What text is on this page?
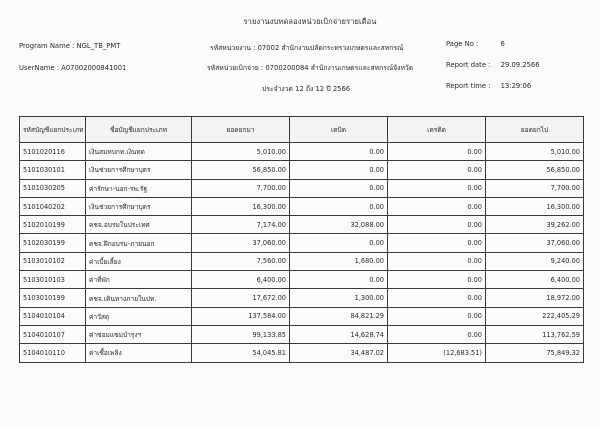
รายงานงบทดลองหน่วยเบิกจ่ายรายเดือน
Program Name : NGL_TB_PMT
UserName : A07002000841001
รหัสหน่วยงาน : 07002 สำนักงานปลัดกระทรวงเกษตรและสหกรณ์
รหัสหน่วยเบิกจ่าย : 0700200084 สำนักงานเกษตรและสหกรณ์จังหวัด
ประจำงวด 12 ถึง 12 ปี 2566
Page No :	6
Report date : 29.09.2566
Report time : 13:29:06
รหัสบัญชีแยกประเภท	ชื่อบัญชีแยกประเภท	ยอดยกมา	เดบิต	เครดิต	ยอดยกไป
5101020116	เงินสมทบกท.เงินทด	5,010.00	0.00	0.00	5,010.00
5101030101	เงินช่วยการศึกษาบุตร	56,850.00	0.00	0.00	56,850.00
5101030205	ค่ารักษา-นอก-รพ.รัฐ	7,700.00	0.00	0.00	7,700.00
5101040202	เงินช่วยการศึกษาบุตร	16,300.00	0.00	0.00	16,300.00
5102010199	คชจ.อบรมในประเทศ	7,174.00	32,088.00	0.00	39,262.00
5102030199	คชจ.ฝึกอบรม-ภายนอก	37,060.00	0.00	0.00	37,060.00
5103010102	ค่าเบี้ยเลี้ยง	7,560.00	1,680.00	0.00	9,240.00
5103010103	ค่าที่พัก	6,400.00	0.00	0.00	6,400.00
5103010199	คชจ.เดินทางภายในปท.	17,672.00	1,300.00	0.00	18,972.00
5104010104	ค่าวัสดุ	137,584.00	84,821.29	0.00	222,405.29
5104010107	ค่าซ่อมแซมบำรุงฯ	99,133.85	14,628.74	0.00	113,762.59
5104010110	ค่าเชื้อเพลิง	54,045.81	34,487.02	(12,683.51)	75,849.32
